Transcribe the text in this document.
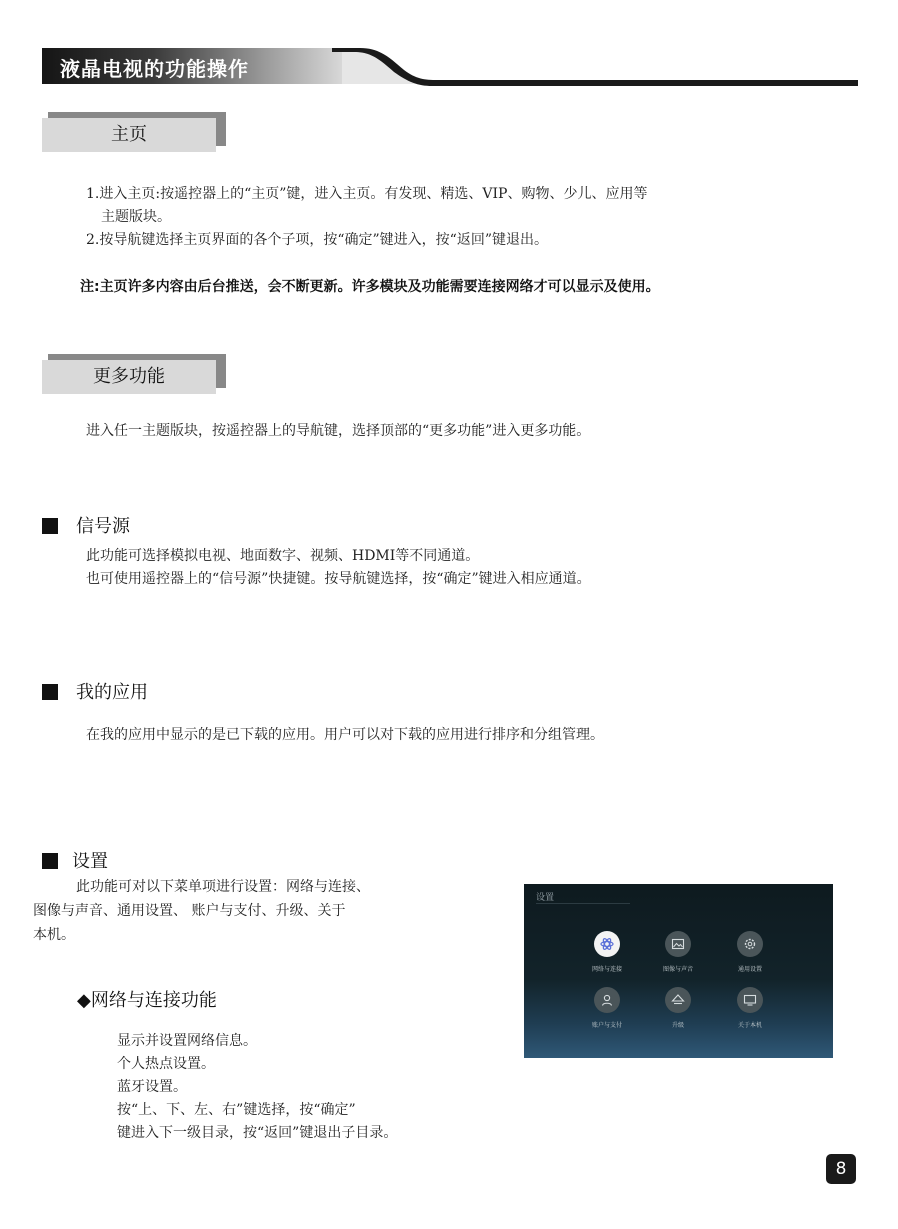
液晶电视的功能操作
主页
1.进入主页:按遥控器上的“主页”键，进入主页。有发现、精选、VIP、购物、少儿、应用等
主题版块。
2.按导航键选择主页界面的各个子项，按“确定”键进入，按“返回”键退出。
注:主页许多内容由后台推送，会不断更新。许多模块及功能需要连接网络才可以显示及使用。
更多功能
进入任一主题版块，按遥控器上的导航键，选择顶部的“更多功能”进入更多功能。
信号源
此功能可选择模拟电视、地面数字、视频、HDMI等不同通道。
也可使用遥控器上的“信号源”快捷键。按导航键选择，按“确定”键进入相应通道。
我的应用
在我的应用中显示的是已下载的应用。用户可以对下载的应用进行排序和分组管理。
设置
此功能可对以下菜单项进行设置：网络与连接、
图像与声音、通用设置、 账户与支付、升级、关于
本机。
◆网络与连接功能
显示并设置网络信息。
个人热点设置。
蓝牙设置。
按“上、下、左、右”键选择，按“确定”
键进入下一级目录，按“返回”键退出子目录。
设置
网络与连接	图像与声音	通用设置
账户与支付	升级	关于本机
8
